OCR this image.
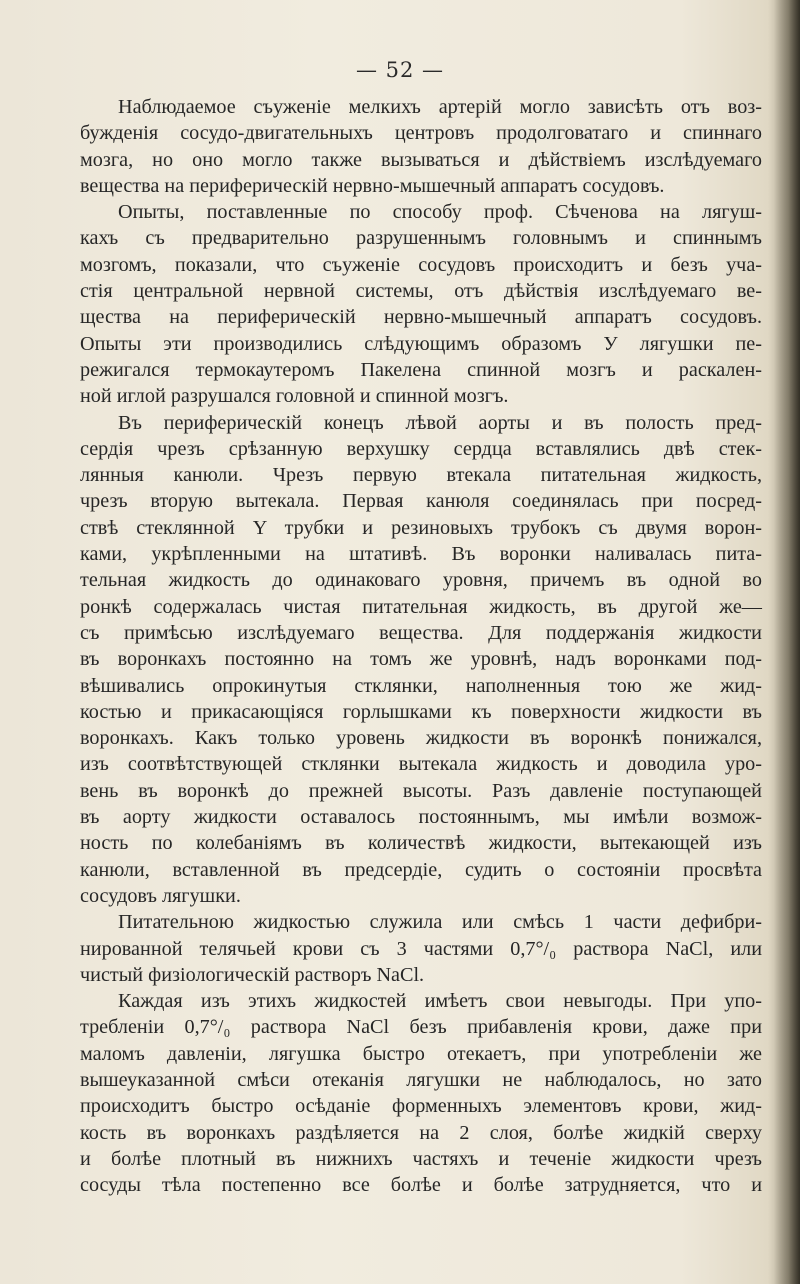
— 52 —
Наблюдаемое съуженіе мелкихъ артерій могло зависѣть отъ воз-
бужденія сосудо-двигательныхъ центровъ продолговатаго и спиннаго
мозга, но оно могло также вызываться и дѣйствіемъ изслѣдуемаго
вещества на периферическій нервно-мышечный аппаратъ сосудовъ.
Опыты, поставленные по способу проф. Сѣченова на лягуш-
кахъ съ предварительно разрушеннымъ головнымъ и спиннымъ
мозгомъ, показали, что съуженіе сосудовъ происходитъ и безъ уча-
стія центральной нервной системы, отъ дѣйствія изслѣдуемаго ве-
щества на периферическій нервно-мышечный аппаратъ сосудовъ.
Опыты эти производились слѣдующимъ образомъ У лягушки пе-
режигался термокаутеромъ Пакелена спинной мозгъ и раскален-
ной иглой разрушался головной и спинной мозгъ.
Въ периферическій конецъ лѣвой аорты и въ полость пред-
сердія чрезъ срѣзанную верхушку сердца вставлялись двѣ стек-
лянныя канюли. Чрезъ первую втекала питательная жидкость,
чрезъ вторую вытекала. Первая канюля соединялась при посред-
ствѣ стеклянной Y трубки и резиновыхъ трубокъ съ двумя ворон-
ками, укрѣпленными на штативѣ. Въ воронки наливалась пита-
тельная жидкость до одинаковаго уровня, причемъ въ одной во
ронкѣ содержалась чистая питательная жидкость, въ другой же—
съ примѣсью изслѣдуемаго вещества. Для поддержанія жидкости
въ воронкахъ постоянно на томъ же уровнѣ, надъ воронками под-
вѣшивались опрокинутыя стклянки, наполненныя тою же жид-
костью и прикасающіяся горлышками къ поверхности жидкости въ
воронкахъ. Какъ только уровень жидкости въ воронкѣ понижался,
изъ соотвѣтствующей стклянки вытекала жидкость и доводила уро-
вень въ воронкѣ до прежней высоты. Разъ давленіе поступающей
въ аорту жидкости оставалось постояннымъ, мы имѣли возмож-
ность по колебаніямъ въ количествѣ жидкости, вытекающей изъ
канюли, вставленной въ предсердіе, судить о состояніи просвѣта
сосудовъ лягушки.
Питательною жидкостью служила или смѣсь 1 части дефибри-
нированной телячьей крови съ 3 частями 0,7°/₀ раствора NaCl, или
чистый физiологическій растворъ NaCl.
Каждая изъ этихъ жидкостей имѣетъ свои невыгоды. При упо-
требленіи 0,7°/₀ раствора NaCl безъ прибавленія крови, даже при
маломъ давленіи, лягушка быстро отекаетъ, при употребленіи же
вышеуказанной смѣси отеканія лягушки не наблюдалось, но зато
происходитъ быстро осѣданіе форменныхъ элементовъ крови, жид-
кость въ воронкахъ раздѣляется на 2 слоя, болѣе жидкій сверху
и болѣе плотный въ нижнихъ частяхъ и теченіе жидкости чрезъ
сосуды тѣла постепенно все болѣе и болѣе затрудняется, что и
